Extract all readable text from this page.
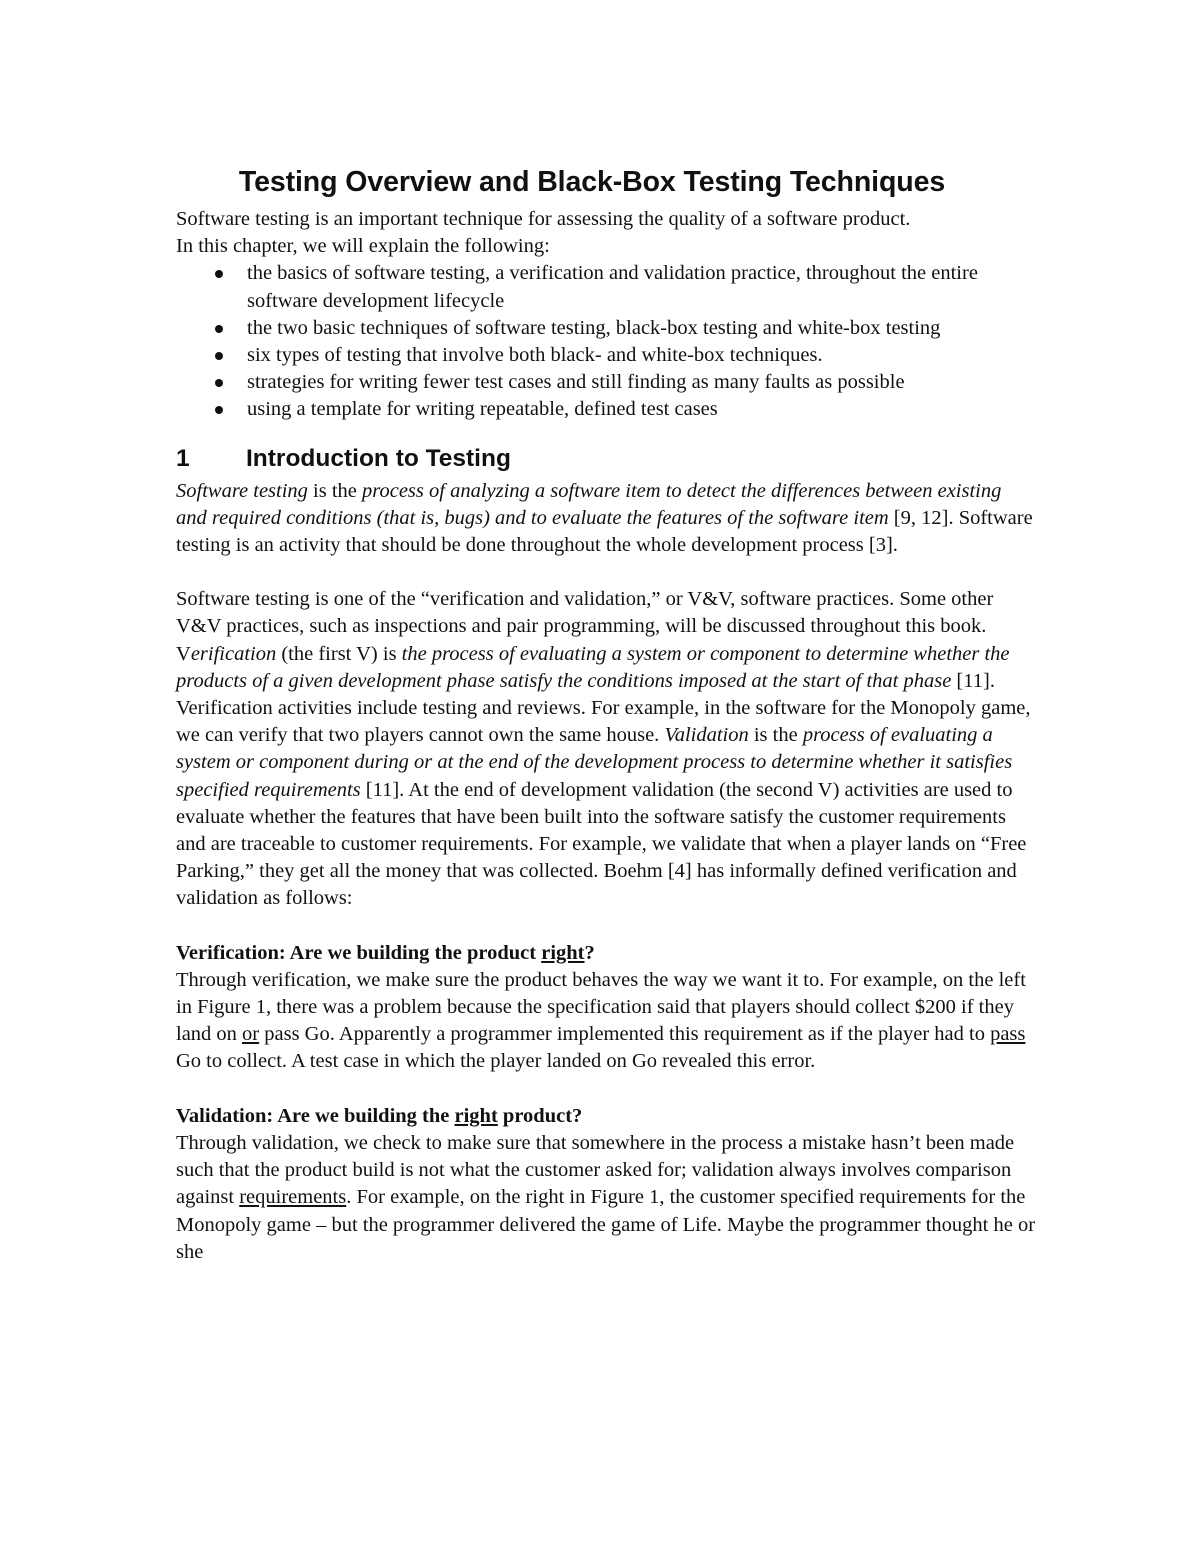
Testing Overview and Black-Box Testing Techniques

Software testing is an important technique for assessing the quality of a software product.

In this chapter, we will explain the following:

the basics of software testing, a verification and validation practice, throughout the entire software development lifecycle
the two basic techniques of software testing, black-box testing and white-box testing
six types of testing that involve both black- and white-box techniques.
strategies for writing fewer test cases and still finding as many faults as possible
using a template for writing repeatable, defined test cases
1 Introduction to Testing

Software testing is the process of analyzing a software item to detect the differences between existing and required conditions (that is, bugs) and to evaluate the features of the software item [9, 12]. Software testing is an activity that should be done throughout the whole development process [3].

Software testing is one of the “verification and validation,” or V&V, software practices. Some other V&V practices, such as inspections and pair programming, will be discussed throughout this book. Verification (the first V) is the process of evaluating a system or component to determine whether the products of a given development phase satisfy the conditions imposed at the start of that phase [11]. Verification activities include testing and reviews. For example, in the software for the Monopoly game, we can verify that two players cannot own the same house. Validation is the process of evaluating a system or component during or at the end of the development process to determine whether it satisfies specified requirements [11]. At the end of development validation (the second V) activities are used to evaluate whether the features that have been built into the software satisfy the customer requirements and are traceable to customer requirements. For example, we validate that when a player lands on “Free Parking,” they get all the money that was collected. Boehm [4] has informally defined verification and validation as follows:

Verification: Are we building the product right?

Through verification, we make sure the product behaves the way we want it to. For example, on the left in Figure 1, there was a problem because the specification said that players should collect $200 if they land on or pass Go. Apparently a programmer implemented this requirement as if the player had to pass Go to collect. A test case in which the player landed on Go revealed this error.

Validation: Are we building the right product?

Through validation, we check to make sure that somewhere in the process a mistake hasn’t been made such that the product build is not what the customer asked for; validation always involves comparison against requirements. For example, on the right in Figure 1, the customer specified requirements for the Monopoly game – but the programmer delivered the game of Life. Maybe the programmer thought he or she
